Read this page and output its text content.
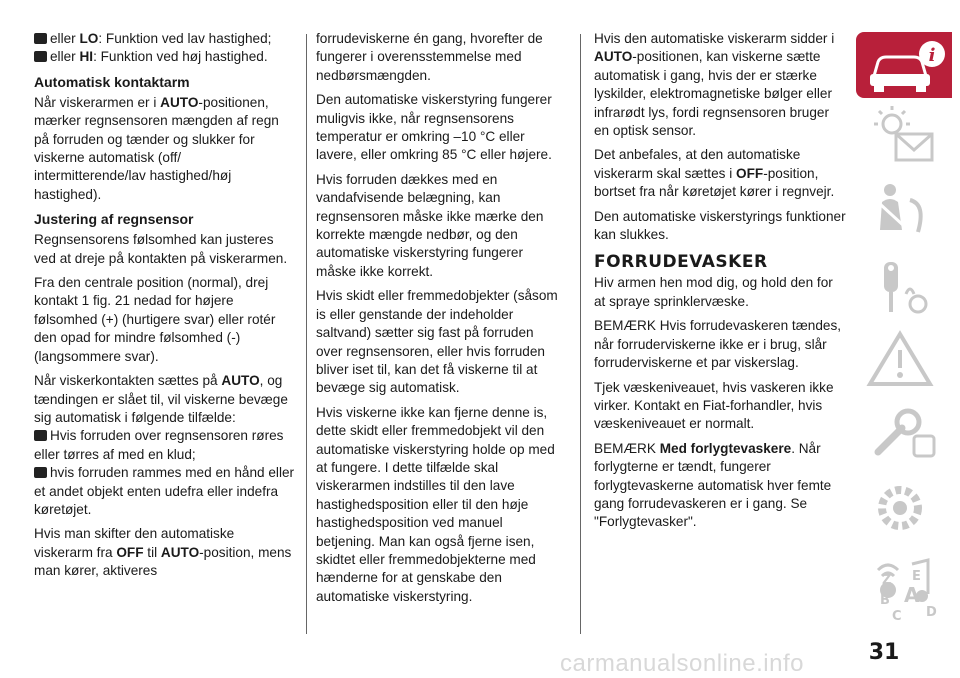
eller LO: Funktion ved lav hastighed;

eller HI: Funktion ved høj hastighed.

Automatisk kontaktarm

Når viskerarmen er i AUTO-positionen, mærker regnsensoren mængden af regn på forruden og tænder og slukker for viskerne automatisk (off/ intermitterende/lav hastighed/høj hastighed).

Justering af regnsensor

Regnsensorens følsomhed kan justeres ved at dreje på kontakten på viskerarmen.

Fra den centrale position (normal), drej kontakt 1 fig. 21 nedad for højere følsomhed (+) (hurtigere svar) eller rotér den opad for mindre følsomhed (-) (langsommere svar).

Når viskerkontakten sættes på AUTO, og tændingen er slået til, vil viskerne bevæge sig automatisk i følgende tilfælde:

Hvis forruden over regnsensoren røres eller tørres af med en klud;

hvis forruden rammes med en hånd eller et andet objekt enten udefra eller indefra køretøjet.

Hvis man skifter den automatiske viskerarm fra OFF til AUTO-position, mens man kører, aktiveres

forrudeviskerne én gang, hvorefter de fungerer i overensstemmelse med nedbørsmængden.

Den automatiske viskerstyring fungerer muligvis ikke, når regnsensorens temperatur er omkring –10 °C eller lavere, eller omkring 85 °C eller højere.

Hvis forruden dækkes med en vandafvisende belægning, kan regnsensoren måske ikke mærke den korrekte mængde nedbør, og den automatiske viskerstyring fungerer måske ikke korrekt.

Hvis skidt eller fremmedobjekter (såsom is eller genstande der indeholder saltvand) sætter sig fast på forruden over regnsensoren, eller hvis forruden bliver iset til, kan det få viskerne til at bevæge sig automatisk.

Hvis viskerne ikke kan fjerne denne is, dette skidt eller fremmedobjekt vil den automatiske viskerstyring holde op med at fungere. I dette tilfælde skal viskerarmen indstilles til den lave hastighedsposition eller til den høje hastighedsposition ved manuel betjening. Man kan også fjerne isen, skidtet eller fremmedobjekterne med hænderne for at genskabe den automatiske viskerstyring.

Hvis den automatiske viskerarm sidder i AUTO-positionen, kan viskerne sætte automatisk i gang, hvis der er stærke lyskilder, elektromagnetiske bølger eller infrarødt lys, fordi regnsensoren bruger en optisk sensor.

Det anbefales, at den automatiske viskerarm skal sættes i OFF-position, bortset fra når køretøjet kører i regnvejr.

Den automatiske viskerstyrings funktioner kan slukkes.

FORRUDEVASKER

Hiv armen hen mod dig, og hold den for at spraye sprinklervæske.

BEMÆRK Hvis forrudevaskeren tændes, når forruderviskerne ikke er i brug, slår forruderviskerne et par viskerslag.

Tjek væskeniveauet, hvis vaskeren ikke virker. Kontakt en Fiat-forhandler, hvis væskeniveauet er normalt.

BEMÆRK Med forlygtevaskere. Når forlygterne er tændt, fungerer forlygtevaskerne automatisk hver femte gang forrudevaskeren er i gang. Se "Forlygtevasker".

i
Z E
B A
C D
carmanualsonline.info	31
